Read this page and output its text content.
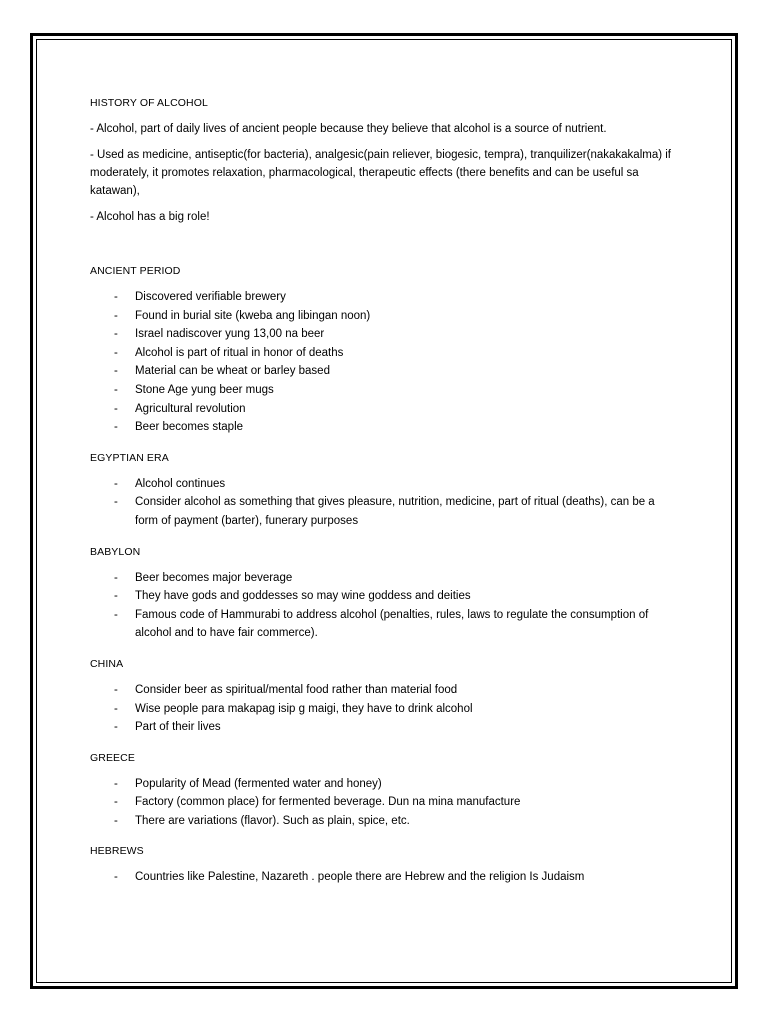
HISTORY OF ALCOHOL

- Alcohol, part of daily lives of ancient people because they believe that alcohol is a source of nutrient.

- Used as medicine, antiseptic(for bacteria), analgesic(pain reliever, biogesic, tempra), tranquilizer(nakakakalma) if moderately, it promotes relaxation, pharmacological, therapeutic effects (there benefits and can be useful sa katawan),

- Alcohol has a big role!

ANCIENT PERIOD

- Discovered verifiable brewery
- Found in burial site (kweba ang libingan noon)
- Israel nadiscover yung 13,00 na beer
- Alcohol is part of ritual in honor of deaths
- Material can be wheat or barley based
- Stone Age yung beer mugs
- Agricultural revolution
- Beer becomes staple

EGYPTIAN ERA

- Alcohol continues
- Consider alcohol as something that gives pleasure, nutrition, medicine, part of ritual (deaths), can be a form of payment (barter), funerary purposes

BABYLON

- Beer becomes major beverage
- They have gods and goddesses so may wine goddess and deities
- Famous code of Hammurabi to address alcohol (penalties, rules, laws to regulate the consumption of alcohol and to have fair commerce).

CHINA

- Consider beer as spiritual/mental food rather than material food
- Wise people para makapag isip g maigi, they have to drink alcohol
- Part of their lives

GREECE

- Popularity of Mead (fermented water and honey)
- Factory (common place) for fermented beverage. Dun na mina manufacture
- There are variations (flavor). Such as plain, spice, etc.

HEBREWS

- Countries like Palestine, Nazareth . people there are Hebrew and the religion Is Judaism
